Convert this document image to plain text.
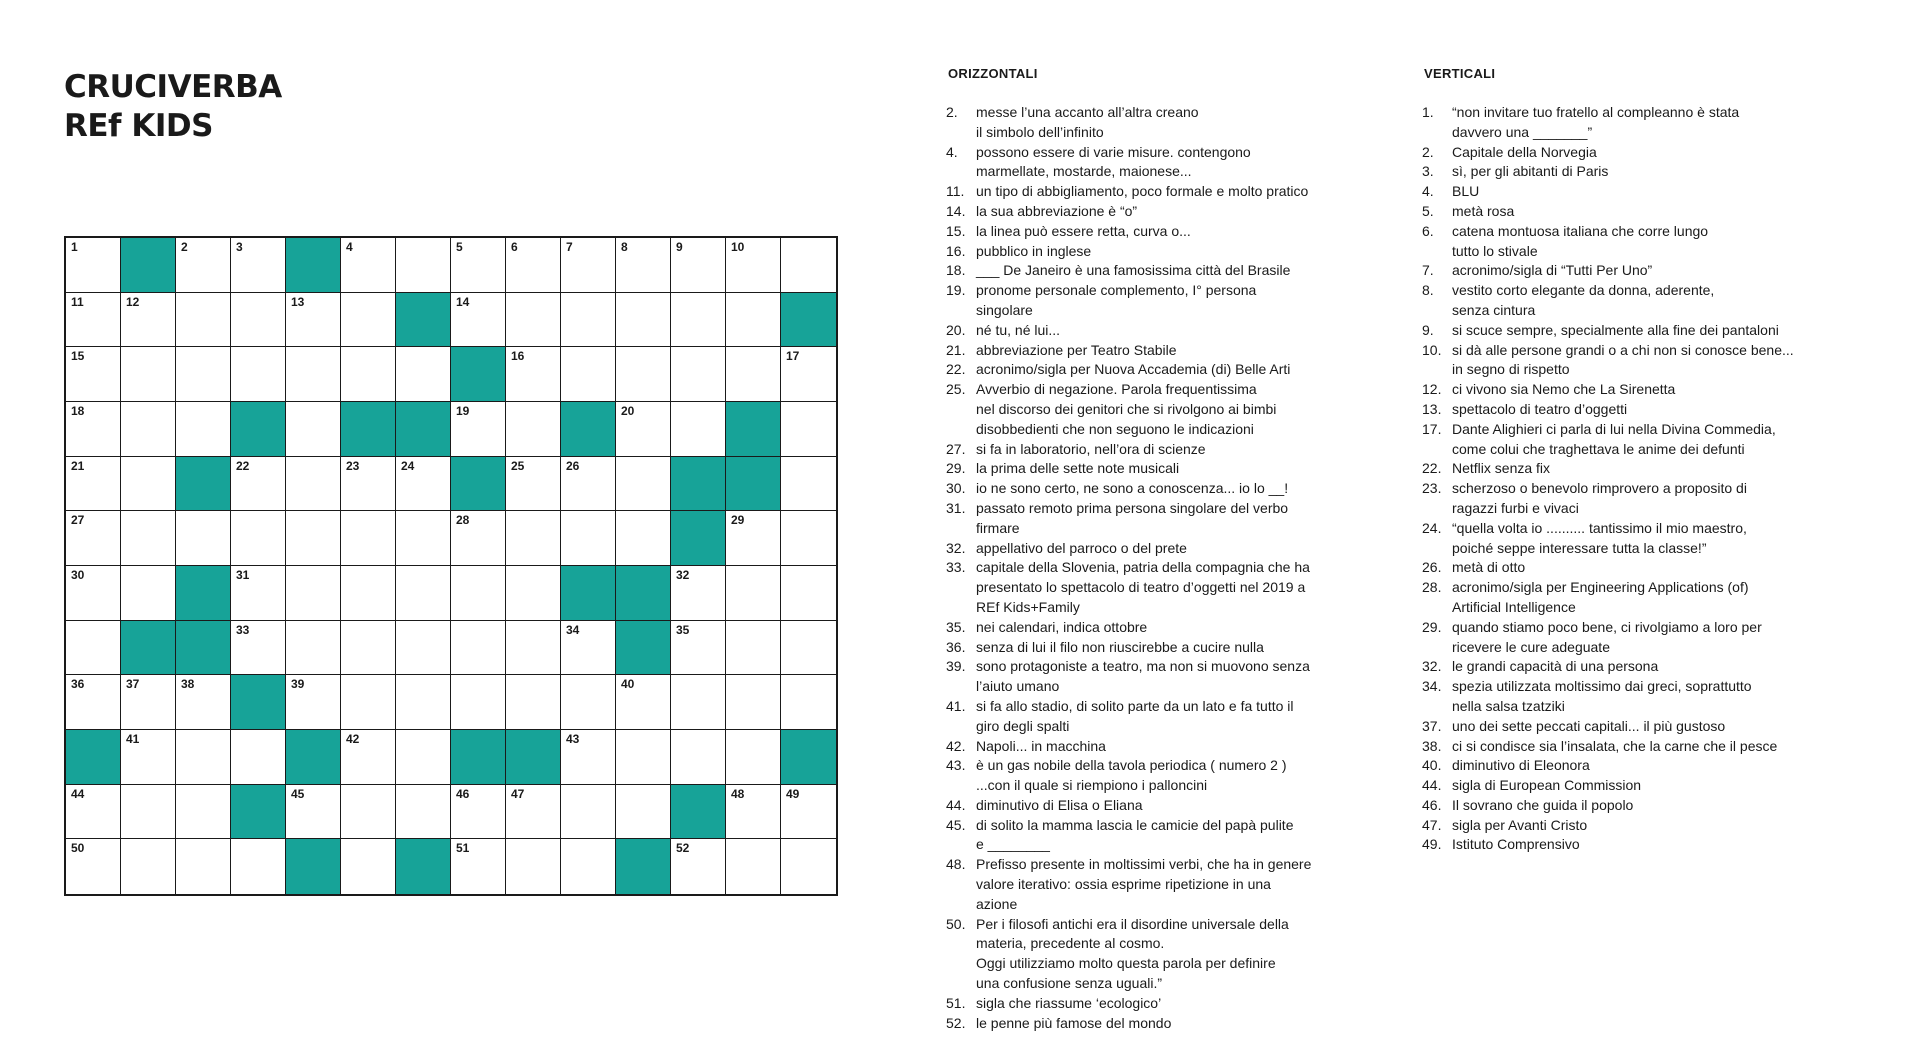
CRUCIVERBA
REf KIDS
1	2	3	4	5	6	7	8	9	10
11	12	13	14
15	16	17
18	19	20
21	22	23	24	25	26
27	28	29
30	31	32
33	34	35
36	37	38	39	40
41	42	43
44	45	46	47	48	49
50	51	52
ORIZZONTALI
2.	messe l’una accanto all’altra creano
il simbolo dell’infinito
4.	possono essere di varie misure. contengono
marmellate, mostarde, maionese...
11. un tipo di abbigliamento, poco formale e molto pratico
14. la sua abbreviazione è “o”
15. la linea può essere retta, curva o...
16. pubblico in inglese
18. ___ De Janeiro è una famosissima città del Brasile
19. pronome personale complemento, I° persona
singolare
20. né tu, né lui...
21. abbreviazione per Teatro Stabile
22. acronimo/sigla per Nuova Accademia (di) Belle Arti
25. Avverbio di negazione. Parola frequentissima
nel discorso dei genitori che si rivolgono ai bimbi
disobbedienti che non seguono le indicazioni
27. si fa in laboratorio, nell’ora di scienze
29. la prima delle sette note musicali
30. io ne sono certo, ne sono a conoscenza... io lo __!
31. passato remoto prima persona singolare del verbo
firmare
32. appellativo del parroco o del prete
33. capitale della Slovenia, patria della compagnia che ha
presentato lo spettacolo di teatro d’oggetti nel 2019 a
REf Kids+Family
35. nei calendari, indica ottobre
36. senza di lui il filo non riuscirebbe a cucire nulla
39. sono protagoniste a teatro, ma non si muovono senza
l’aiuto umano
41. si fa allo stadio, di solito parte da un lato e fa tutto il
giro degli spalti
42. Napoli... in macchina
43. è un gas nobile della tavola periodica ( numero 2 )
...con il quale si riempiono i palloncini
44. diminutivo di Elisa o Eliana
45. di solito la mamma lascia le camicie del papà pulite
e ________
48. Prefisso presente in moltissimi verbi, che ha in genere
valore iterativo: ossia esprime ripetizione in una
azione
50. Per i filosofi antichi era il disordine universale della
materia, precedente al cosmo.
Oggi utilizziamo molto questa parola per definire
una confusione senza uguali.”
51. sigla che riassume ‘ecologico’
52. le penne più famose del mondo
VERTICALI
1.	“non invitare tuo fratello al compleanno è stata
davvero una _______”
2.	Capitale della Norvegia
3.	sì, per gli abitanti di Paris
4.	BLU
5.	metà rosa
6.	catena montuosa italiana che corre lungo
tutto lo stivale
7.	acronimo/sigla di “Tutti Per Uno”
8.	vestito corto elegante da donna, aderente,
senza cintura
9.	si scuce sempre, specialmente alla fine dei pantaloni
10. si dà alle persone grandi o a chi non si conosce bene...
in segno di rispetto
12. ci vivono sia Nemo che La Sirenetta
13. spettacolo di teatro d’oggetti
17. Dante Alighieri ci parla di lui nella Divina Commedia,
come colui che traghettava le anime dei defunti
22. Netflix senza fix
23. scherzoso o benevolo rimprovero a proposito di
ragazzi furbi e vivaci
24. “quella volta io .......... tantissimo il mio maestro,
poiché seppe interessare tutta la classe!”
26. metà di otto
28. acronimo/sigla per Engineering Applications (of)
Artificial Intelligence
29. quando stiamo poco bene, ci rivolgiamo a loro per
ricevere le cure adeguate
32. le grandi capacità di una persona
34. spezia utilizzata moltissimo dai greci, soprattutto
nella salsa tzatziki
37. uno dei sette peccati capitali... il più gustoso
38. ci si condisce sia l’insalata, che la carne che il pesce
40. diminutivo di Eleonora
44. sigla di European Commission
46. Il sovrano che guida il popolo
47. sigla per Avanti Cristo
49. Istituto Comprensivo
